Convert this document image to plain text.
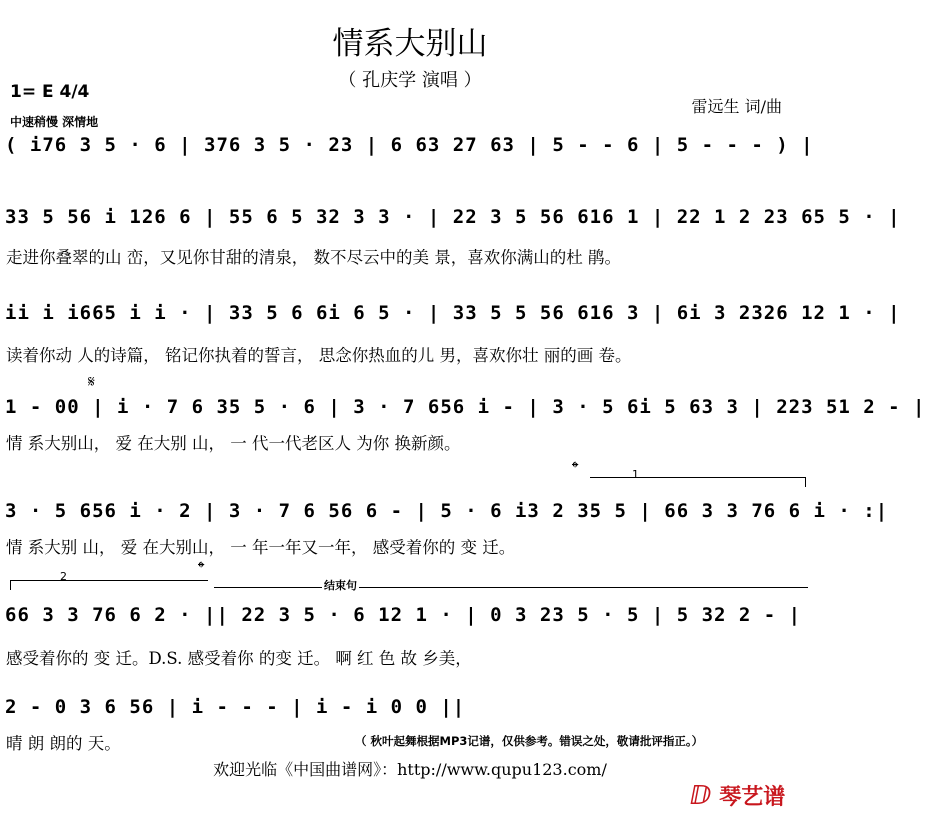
情系大别山
（ 孔庆学 演唱 ）
1= E 4/4
中速稍慢 深情地
雷远生 词/曲
( i76 3 5 · 6 | 376 3 5 · 23 | 6 63 27 63 | 5 - - 6 | 5 - - - ) |
33 5 56 i 126 6 | 55 6 5 32 3 3 · | 22 3 5 56 616 1 | 22 1 2 23 65 5 · |
走进你叠翠的山 峦，又见你甘甜的清泉， 数不尽云中的美 景，喜欢你满山的杜 鹃。
ii i i665 i i · | 33 5 6 6i 6 5 · | 33 5 5 56 616 3 | 6i 3 2326 12 1 · |
读着你动 人的诗篇， 铭记你执着的誓言， 思念你热血的儿 男，喜欢你壮 丽的画 卷。
𝄋
1 - 00 | i · 7 6 35 5 · 6 | 3 · 7 656 i - | 3 · 5 6i 5 63 3 | 223 51 2 - |
情 系大别山， 爱 在大别 山， 一 代一代老区人 为你 换新颜。
𝄌	1
3 · 5 656 i · 2 | 3 · 7 6 56 6 - | 5 · 6 i3 2 35 5 | 66 3 3 76 6 i · :|
情 系大别 山， 爱 在大别山， 一 年一年又一年， 感受着你的 变 迁。
2	𝄌
结束句
66 3 3 76 6 2 · || 22 3 5 · 6 12 1 · | 0 3 23 5 · 5 | 5 32 2 - |
感受着你的 变 迁。D.S. 感受着你 的变 迁。 啊 红 色 故 乡美，
2 - 0 3 6 56 | i - - - | i - i 0 0 ||
晴 朗 朗的 天。	（ 秋叶起舞根据MP3记谱，仅供参考。错误之处，敬请批评指正。）
欢迎光临《中国曲谱网》：http://www.qupu123.com/
ⅅ 琴艺谱
